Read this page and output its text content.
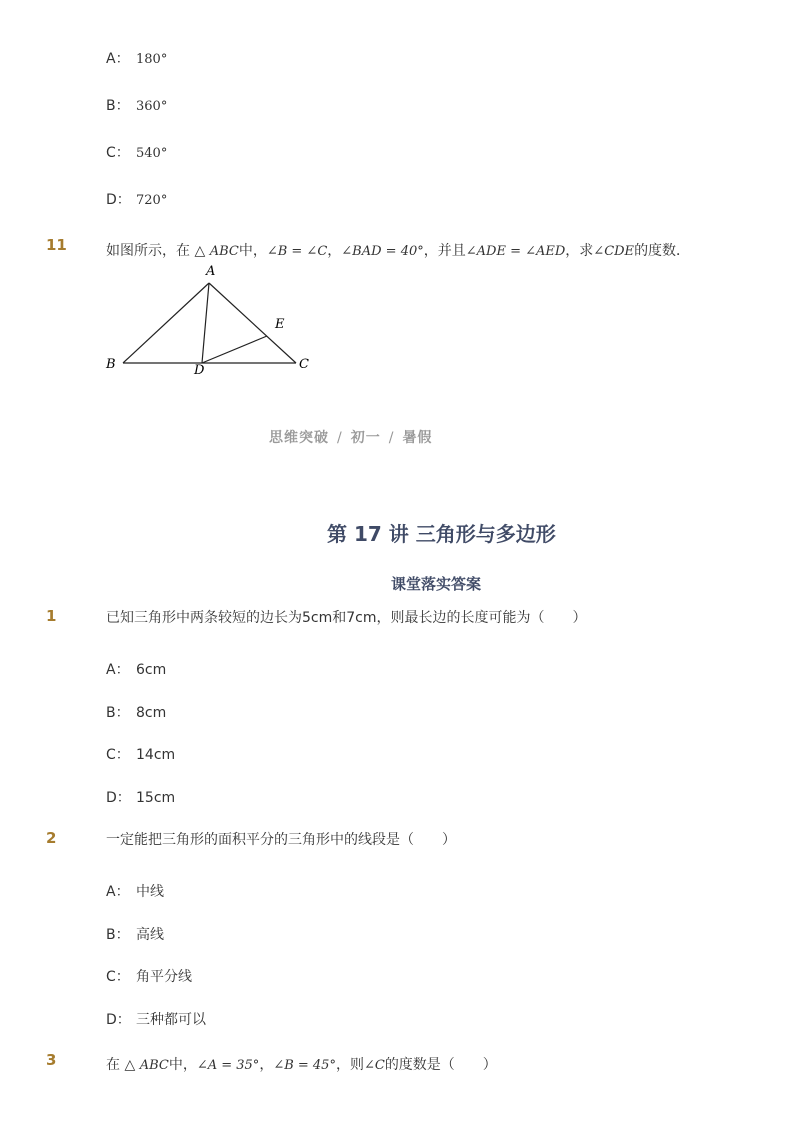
A： 180°
B： 360°
C： 540°
D： 720°
11	如图所示，在 △ ABC中，∠B = ∠C，∠BAD = 40°，并且∠ADE = ∠AED，求∠CDE的度数．
A
B	C
D
E
思维突破 / 初一 / 暑假
第 17 讲 三角形与多边形
课堂落实答案
1	已知三角形中两条较短的边长为5cm和7cm，则最长边的长度可能为（　　）
A： 6cm
B： 8cm
C： 14cm
D： 15cm
2	一定能把三角形的面积平分的三角形中的线段是（　　）
A： 中线
B： 高线
C： 角平分线
D： 三种都可以
3	在 △ ABC中，∠A = 35°，∠B = 45°，则∠C的度数是（　　）
